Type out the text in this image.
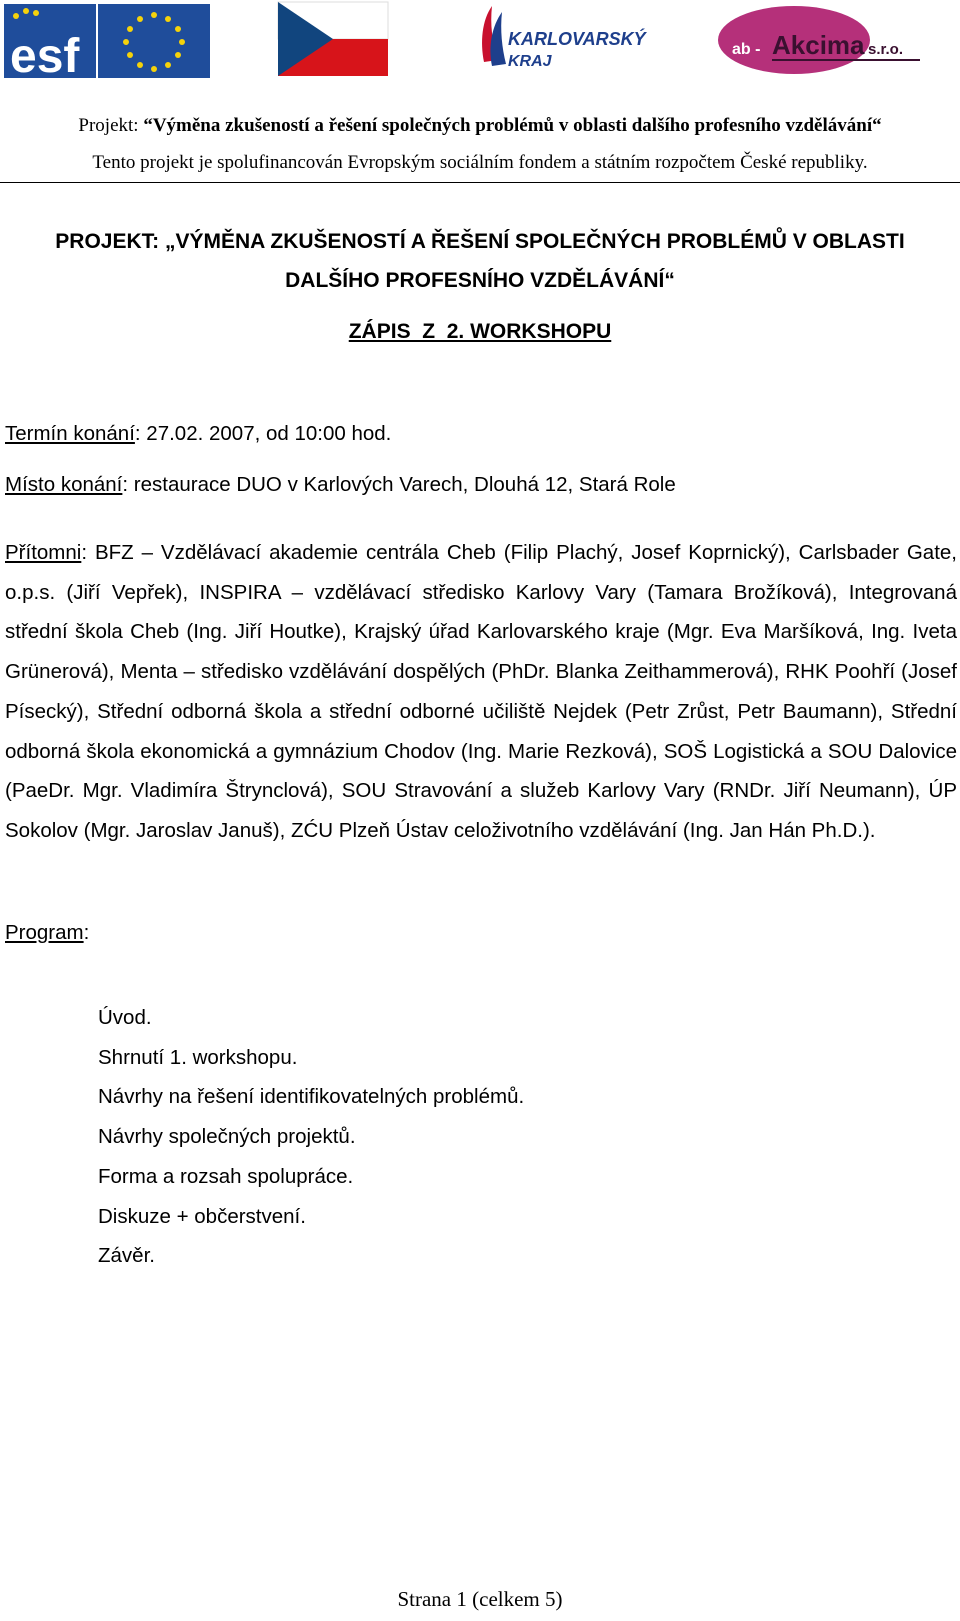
esf	KARLOVARSKÝ
KRAJ
ab - Akcima s.r.o.
Projekt: “Výměna zkušeností a řešení společných problémů v oblasti dalšího profesního vzdělávání“
Tento projekt je spolufinancován Evropským sociálním fondem a státním rozpočtem České republiky.
PROJEKT: „VÝMĚNA ZKUŠENOSTÍ A ŘEŠENÍ SPOLEČNÝCH PROBLÉMŮ V OBLASTI
DALŠÍHO PROFESNÍHO VZDĚLÁVÁNÍ“
ZÁPIS  Z  2. WORKSHOPU
Termín konání: 27.02. 2007, od 10:00 hod.
Místo konání: restaurace DUO v Karlových Varech, Dlouhá 12, Stará Role
Přítomni: BFZ – Vzdělávací akademie centrála Cheb (Filip Plachý, Josef Koprnický), Carlsbader Gate, o.p.s. (Jiří Vepřek), INSPIRA – vzdělávací středisko Karlovy Vary (Tamara Brožíková), Integrovaná střední škola Cheb (Ing. Jiří Houtke), Krajský úřad Karlovarského kraje (Mgr. Eva Maršíková, Ing. Iveta Grünerová), Menta – středisko vzdělávání dospělých (PhDr. Blanka Zeithammerová), RHK Poohří (Josef Písecký), Střední odborná škola a střední odborné učiliště Nejdek (Petr Zrůst, Petr Baumann), Střední odborná škola ekonomická a gymnázium Chodov (Ing. Marie Rezková), SOŠ Logistická a SOU Dalovice (PaeDr. Mgr. Vladimíra Štrynclová), SOU Stravování a služeb Karlovy Vary (RNDr. Jiří Neumann), ÚP Sokolov (Mgr. Jaroslav Januš), ZĆU Plzeň Ústav celoživotního vzdělávání (Ing. Jan Hán Ph.D.).
Program:
Úvod.
Shrnutí 1. workshopu.
Návrhy na řešení identifikovatelných problémů.
Návrhy společných projektů.
Forma a rozsah spolupráce.
Diskuze + občerstvení.
Závěr.
Strana 1 (celkem 5)
